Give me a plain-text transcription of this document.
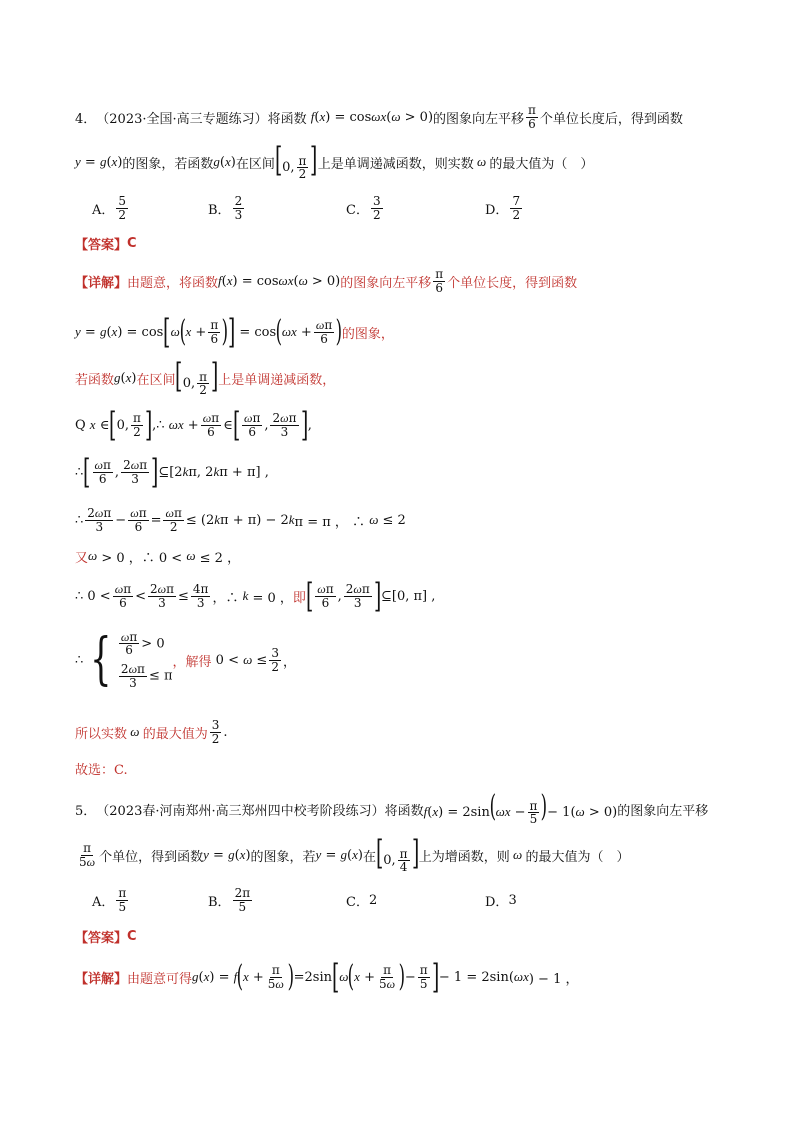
4． （2023·全国·高三专题练习） 将函数 f(x) = cosωx(ω > 0) 的图象向左平移
π
6 个单位长度后，得到函数
y = g(x) 的图象，若函数 g(x) 在区间 [0, $\frac{\pi}{2}$ ] 上是单调递减函数，则实数 ω 的最大值为（　）
A． $\frac{5}{2}$	B． $\frac{2}{3}$	C． $\frac{3}{2}$	D． $\frac{7}{2}$
【答案】 C
【详解】 由题意，将函数 f(x) = cosωx(ω > 0) 的图象向左平移
π
6 个单位长度，得到函数
y = g ( x ) = cos [ ω ( x + π
6 ) ] = cos ( ωx + ωπ
6 ) 的图象，
若函数 g(x) 在区间 [0, $\frac{\pi}{2}$ ] 上是单调递减函数，
Q x ∈ [ 0, π
2 ] ,∴ ωx + ωπ
6 ∈ [ ωπ
6 , 2ωπ
3 ] ,
∴ [ ωπ
6 , 2ωπ
3 ] ⊆[2 k π, 2 k π + π] ,
∴ 2ωπ
3 − ωπ
6 = ωπ
2 ≤ (2 k π + π) − 2 k π = π ， ∴ ω ≤ 2
又 ω > 0 ，∴ 0 < ω ≤ 2 ，
∴ 0 < ωπ
6 < 2ωπ
3 ≤ 4π
3 ，∴ k = 0 ， 即 [ ωπ
6 , 2ωπ
3 ] ⊆[0, π] ,
∴ { $\frac{\omega\pi}{6} > 0$
$\frac{2\omega\pi}{3} \le \pi$
，解得 0 < ω ≤ 3
2 ，
所以实数 ω 的最大值为
3
2 .
故选：C.
5． （2023春·河南郑州·高三郑州四中校考阶段练习） 将函数 $f(x) = 2\sin(\omega x - \frac{\pi}{5}$ )− 1(ω > 0) 的图象向左平移
π
5ω 个单位，得到函数 y = g(x) 的图象，若 y = g(x) 在 [0, $\frac{\pi}{4}$ ] 上为增函数，则 ω 的最大值为（　）
A．
π
5	B．
2π
5	C． 2	D． 3
【答案】 C
【详解】 由题意可得 g ( x ) = f ( x + π
5ω ) =2sin [ ω ( x + π
5ω ) − π
5 ] − 1 = 2sin( ωx ) − 1 ，
